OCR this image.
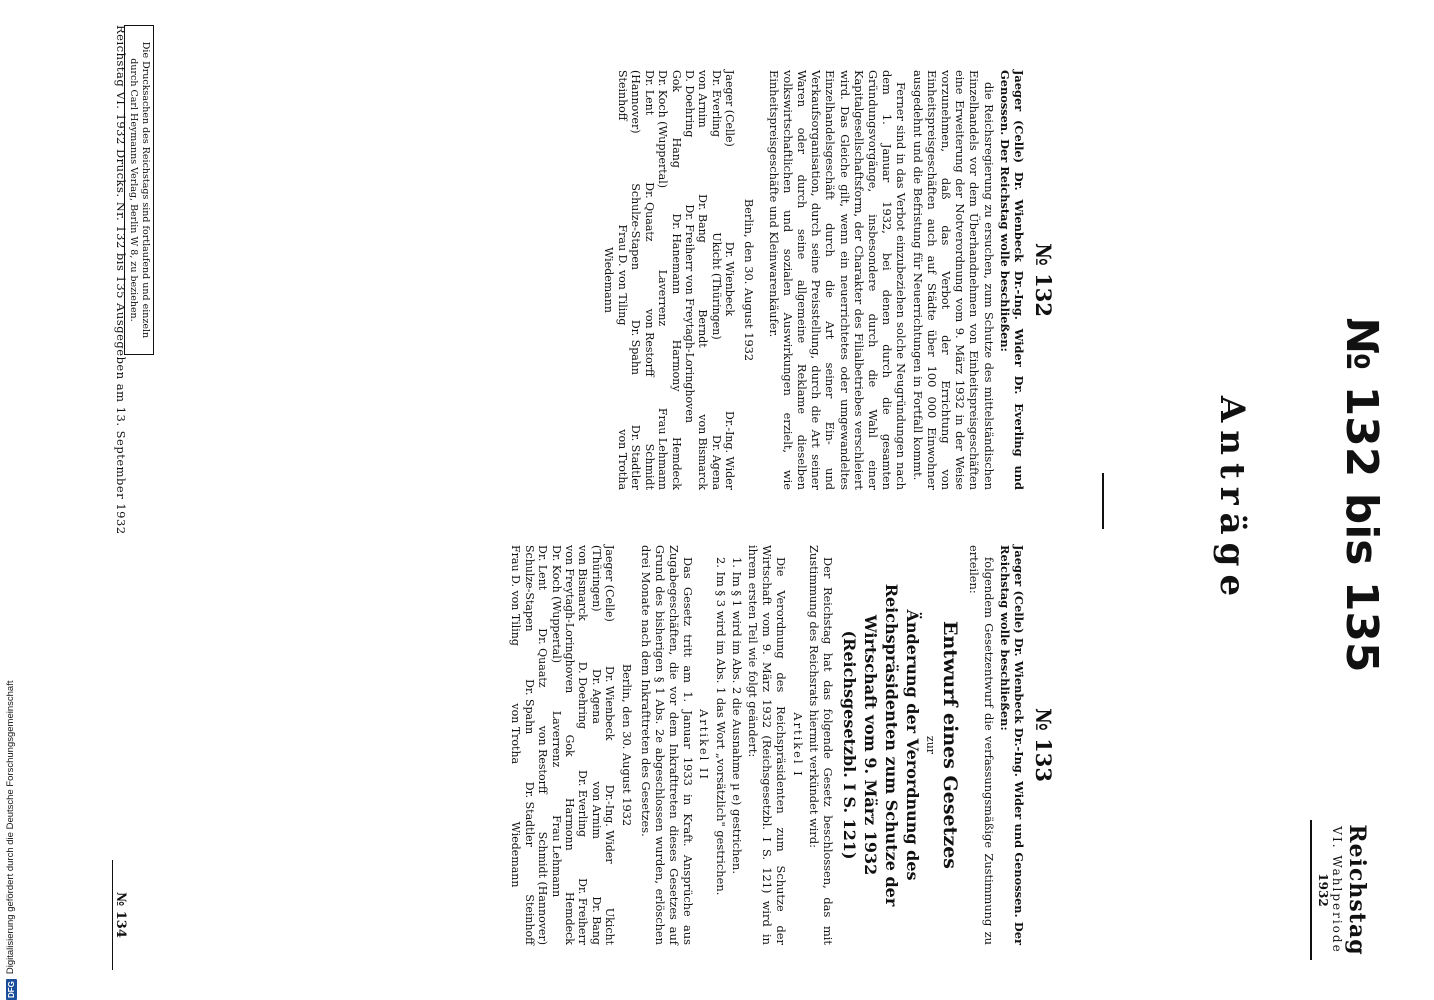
Reichstag
VI. Wahlperiode
1932
№ 132 bis 135
Anträge
№ 133

Jaeger (Celle) Dr. Wienbeck Dr.-Ing. Wider und Genossen. Der Reichstag wolle beschließen:

folgendem Gesetzentwurf die verfassungsmäßige Zustimmung zu erteilen:

Entwurf eines Gesetzes
zur
Änderung der Verordnung des Reichspräsidenten zum Schutze der Wirtschaft vom 9. März 1932 (Reichsgesetzbl. I S. 121)

Der Reichstag hat das folgende Gesetz beschlossen, das mit Zustimmung des Reichsrats hiermit verkündet wird:

Artikel I

Die Verordnung des Reichspräsidenten zum Schutze der Wirtschaft vom 9. März 1932 (Reichsgesetzbl. I S. 121) wird in ihrem ersten Teil wie folgt geändert:

1. Im § 1 wird im Abs. 2 die Ausnahme µ e) gestrichen.

2. Im § 3 wird im Abs. 1 das Wort „vorsätzlich" gestrichen.

Artikel II

Das Gesetz tritt am 1. Januar 1933 in Kraft. Ansprüche aus Zugabegeschäften, die vor dem Inkrafttreten dieses Gesetzes auf Grund des bisherigen § 1 Abs. 2e abgeschlossen wurden, erlöschen drei Monate nach dem Inkrafttreten des Gesetzes.

Berlin, den 30. August 1932
Jaeger (Celle)
Dr. Wienbeck
Dr.-Ing. Wider
Ukicht
(Thüringen)
Dr. Agena
von Arnim
Dr. Bang
von Bismarck
D. Doehring
Dr. Everling
Dr. Freiherr
von Freytagh-Loringhoven
Gok
Harmonn
Hemdeck
Dr. Koch (Wuppertal)
Laverrenz
Frau Lehmann
Dr. Lent
Dr. Quaatz
von Restorff
Schmidt (Hannover)
Schulze-Stapen
Dr. Spahn
Dr. Stadtler
Steinhoff
Frau D. von Tiling
von Trotha
Wiedemann
№ 132

Jaeger (Celle) Dr. Wienbeck Dr.-Ing. Wider Dr. Everling und Genossen. Der Reichstag wolle beschließen:

die Reichsregierung zu ersuchen, zum Schutze des mittelständischen Einzelhandels vor dem Überhandnehmen von Einheitspreisgeschäften eine Erweiterung der Notverordnung vom 9. März 1932 in der Weise vorzunehmen, daß das Verbot der Errichtung von Einheitspreisgeschäften auch auf Städte über 100 000 Einwohner ausgedehnt und die Befristung für Neuerrichtungen in Fortfall kommt.

Ferner sind in das Verbot einzubeziehen solche Neugründungen nach dem 1. Januar 1932, bei denen durch die gesamten Gründungsvorgänge, insbesondere durch die Wahl einer Kapitalgesellschaftsform, der Charakter des Filialbetriebes verschleiert wird. Das Gleiche gilt, wenn ein neuerrichtetes oder umgewandeltes Einzelhandelsgeschäft durch die Art seiner Ein- und Verkaufsorganisation, durch seine Preisstellung, durch die Art seiner Waren oder durch seine allgemeine Reklame dieselben volkswirtschaftlichen und sozialen Auswirkungen erzielt, wie Einheitspreisgeschäfte und Kleinwarenkäufer.

Berlin, den 30. August 1932
Jaeger (Celle)
Dr. Wienbeck
Dr.-Ing. Wider
Dr. Everling
Ukicht (Thüringen)
Dr. Agena
von Arnim
Dr. Bang
Berndt
von Bismarck
D. Doehring
Dr. Freiherr von Freytagh-Loringhoven
Gok
Hang
Dr. Hanemann
Harmony
Hemdeck
Dr. Koch (Wuppertal)
Laverrenz
Frau Lehmann
Dr. Lent
Dr. Quaatz
von Restorff
Schmidt
(Hannover)
Schulze-Stapen
Dr. Spahn
Dr. Stadtler
Steinhoff
Frau D. von Tiling
von Trotha
Wiedemann
Die Drucksachen des Reichstags sind fortlaufend und einzeln durch Carl Heymanns Verlag, Berlin W 8, zu beziehen.
Reichstag VI. 1932 Drucks. Nr. 132 bis 135 Ausgegeben am 13. September 1932
№ 134
DFG
Digitalisierung gefördert durch die Deutsche Forschungsgemeinschaft
